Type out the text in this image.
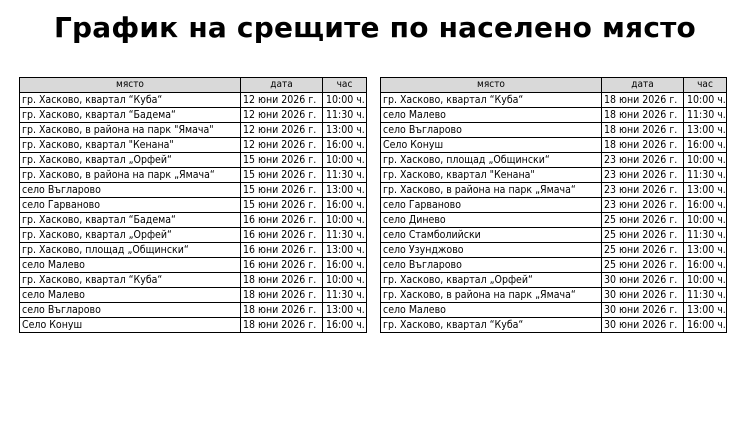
График на срещите по населено място
място	дата	час
гр. Хасково, квартал “Куба“	12 юни 2026 г.	10:00 ч.
гр. Хасково, квартал “Бадема“	12 юни 2026 г.	11:30 ч.
гр. Хасково, в района на парк "Ямача"	12 юни 2026 г.	13:00 ч.
гр. Хасково, квартал "Кенана"	12 юни 2026 г.	16:00 ч.
гр. Хасково, квартал „Орфей“	15 юни 2026 г.	10:00 ч.
гр. Хасково, в района на парк „Ямача“	15 юни 2026 г.	11:30 ч.
село Въгларово	15 юни 2026 г.	13:00 ч.
село Гарваново	15 юни 2026 г.	16:00 ч.
гр. Хасково, квартал “Бадема“	16 юни 2026 г.	10:00 ч.
гр. Хасково, квартал „Орфей“	16 юни 2026 г.	11:30 ч.
гр. Хасково, площад „Общински“	16 юни 2026 г.	13:00 ч.
село Малево	16 юни 2026 г.	16:00 ч.
гр. Хасково, квартал “Куба“	18 юни 2026 г.	10:00 ч.
село Малево	18 юни 2026 г.	11:30 ч.
село Въгларово	18 юни 2026 г.	13:00 ч.
Село Конуш	18 юни 2026 г.	16:00 ч.
място	дата	час
гр. Хасково, квартал “Куба“	18 юни 2026 г.	10:00 ч.
село Малево	18 юни 2026 г.	11:30 ч.
село Въгларово	18 юни 2026 г.	13:00 ч.
Село Конуш	18 юни 2026 г.	16:00 ч.
гр. Хасково, площад „Общински“	23 юни 2026 г.	10:00 ч.
гр. Хасково, квартал "Кенана"	23 юни 2026 г.	11:30 ч.
гр. Хасково, в района на парк „Ямача“	23 юни 2026 г.	13:00 ч.
село Гарваново	23 юни 2026 г.	16:00 ч.
село Динево	25 юни 2026 г.	10:00 ч.
село Стамболийски	25 юни 2026 г.	11:30 ч.
село Узунджово	25 юни 2026 г.	13:00 ч.
село Въгларово	25 юни 2026 г.	16:00 ч.
гр. Хасково, квартал „Орфей“	30 юни 2026 г.	10:00 ч.
гр. Хасково, в района на парк „Ямача“	30 юни 2026 г.	11:30 ч.
село Малево	30 юни 2026 г.	13:00 ч.
гр. Хасково, квартал “Куба“	30 юни 2026 г.	16:00 ч.
